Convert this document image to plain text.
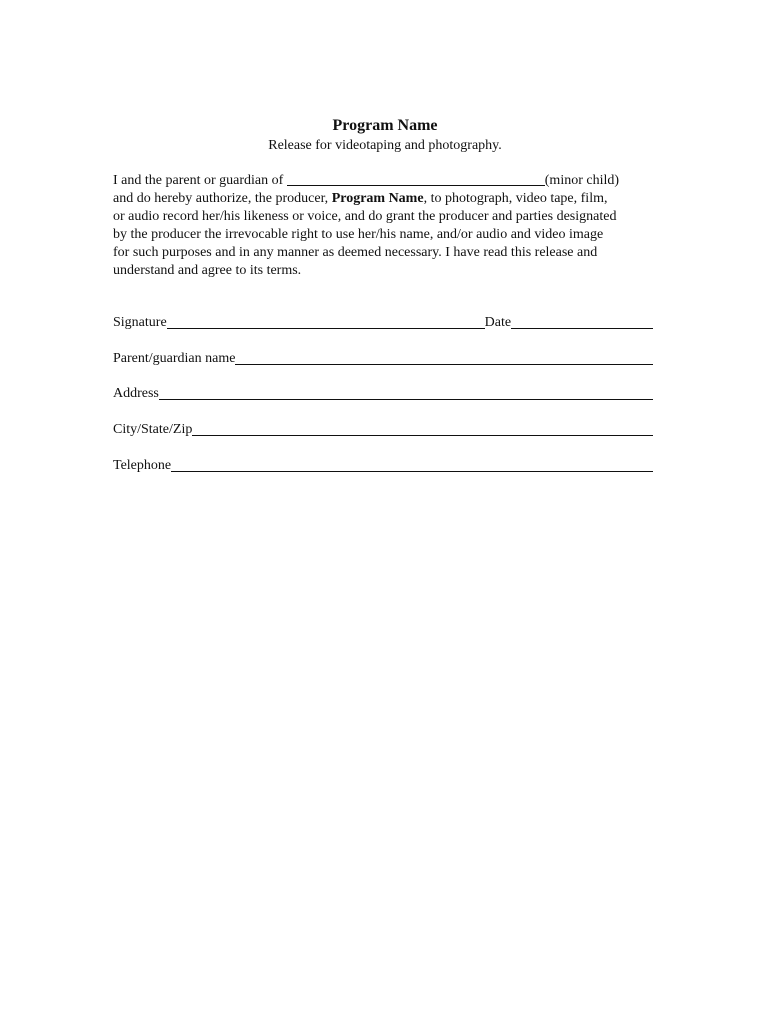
Program Name
Release for videotaping and photography.
I and the parent or guardian of	(minor child)
and do hereby authorize, the producer, Program Name, to photograph, video tape, film,
or audio record her/his likeness or voice, and do grant the producer and parties designated
by the producer the irrevocable right to use her/his name, and/or audio and video image
for such purposes and in any manner as deemed necessary. I have read this release and
understand and agree to its terms.
Signature	Date
Parent/guardian name
Address
City/State/Zip
Telephone
